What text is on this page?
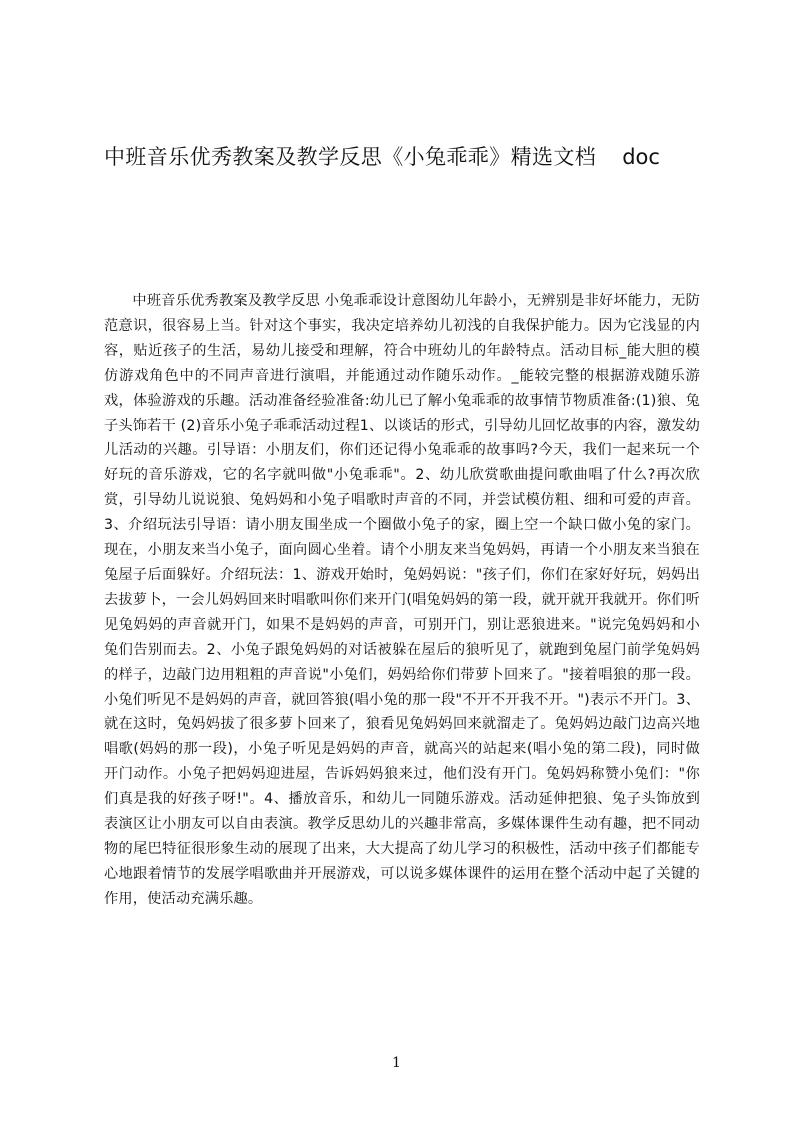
中班音乐优秀教案及教学反思《小兔乖乖》精选文档 doc

中班音乐优秀教案及教学反思 小兔乖乖设计意图幼儿年龄小，无辨别是非好坏能力，无防范意识，很容易上当。针对这个事实，我决定培养幼儿初浅的自我保护能力。因为它浅显的内容，贴近孩子的生活，易幼儿接受和理解，符合中班幼儿的年龄特点。活动目标_能大胆的模仿游戏角色中的不同声音进行演唱，并能通过动作随乐动作。_能较完整的根据游戏随乐游戏，体验游戏的乐趣。活动准备经验准备:幼儿已了解小兔乖乖的故事情节物质准备:(1)狼、兔子头饰若干 (2)音乐小兔子乖乖活动过程1、以谈话的形式，引导幼儿回忆故事的内容，激发幼儿活动的兴趣。引导语：小朋友们，你们还记得小兔乖乖的故事吗?今天，我们一起来玩一个好玩的音乐游戏，它的名字就叫做"小兔乖乖"。2、幼儿欣赏歌曲提问歌曲唱了什么?再次欣赏，引导幼儿说说狼、兔妈妈和小兔子唱歌时声音的不同，并尝试模仿粗、细和可爱的声音。3、介绍玩法引导语：请小朋友围坐成一个圈做小兔子的家，圈上空一个缺口做小兔的家门。现在，小朋友来当小兔子，面向圆心坐着。请个小朋友来当兔妈妈，再请一个小朋友来当狼在兔屋子后面躲好。介绍玩法：1、游戏开始时，兔妈妈说："孩子们，你们在家好好玩，妈妈出去拔萝卜，一会儿妈妈回来时唱歌叫你们来开门(唱兔妈妈的第一段，就开就开我就开。你们听见兔妈妈的声音就开门，如果不是妈妈的声音，可别开门，别让恶狼进来。"说完兔妈妈和小兔们告别而去。2、小兔子跟兔妈妈的对话被躲在屋后的狼听见了，就跑到兔屋门前学兔妈妈的样子，边敲门边用粗粗的声音说"小兔们，妈妈给你们带萝卜回来了。"接着唱狼的那一段。小兔们听见不是妈妈的声音，就回答狼(唱小兔的那一段"不开不开我不开。")表示不开门。3、就在这时，兔妈妈拔了很多萝卜回来了，狼看见兔妈妈回来就溜走了。兔妈妈边敲门边高兴地唱歌(妈妈的那一段)，小兔子听见是妈妈的声音，就高兴的站起来(唱小兔的第二段)，同时做开门动作。小兔子把妈妈迎进屋，告诉妈妈狼来过，他们没有开门。兔妈妈称赞小兔们："你们真是我的好孩子呀!"。4、播放音乐，和幼儿一同随乐游戏。活动延伸把狼、兔子头饰放到表演区让小朋友可以自由表演。教学反思幼儿的兴趣非常高，多媒体课件生动有趣，把不同动物的尾巴特征很形象生动的展现了出来，大大提高了幼儿学习的积极性，活动中孩子们都能专心地跟着情节的发展学唱歌曲并开展游戏，可以说多媒体课件的运用在整个活动中起了关键的作用，使活动充满乐趣。

1
